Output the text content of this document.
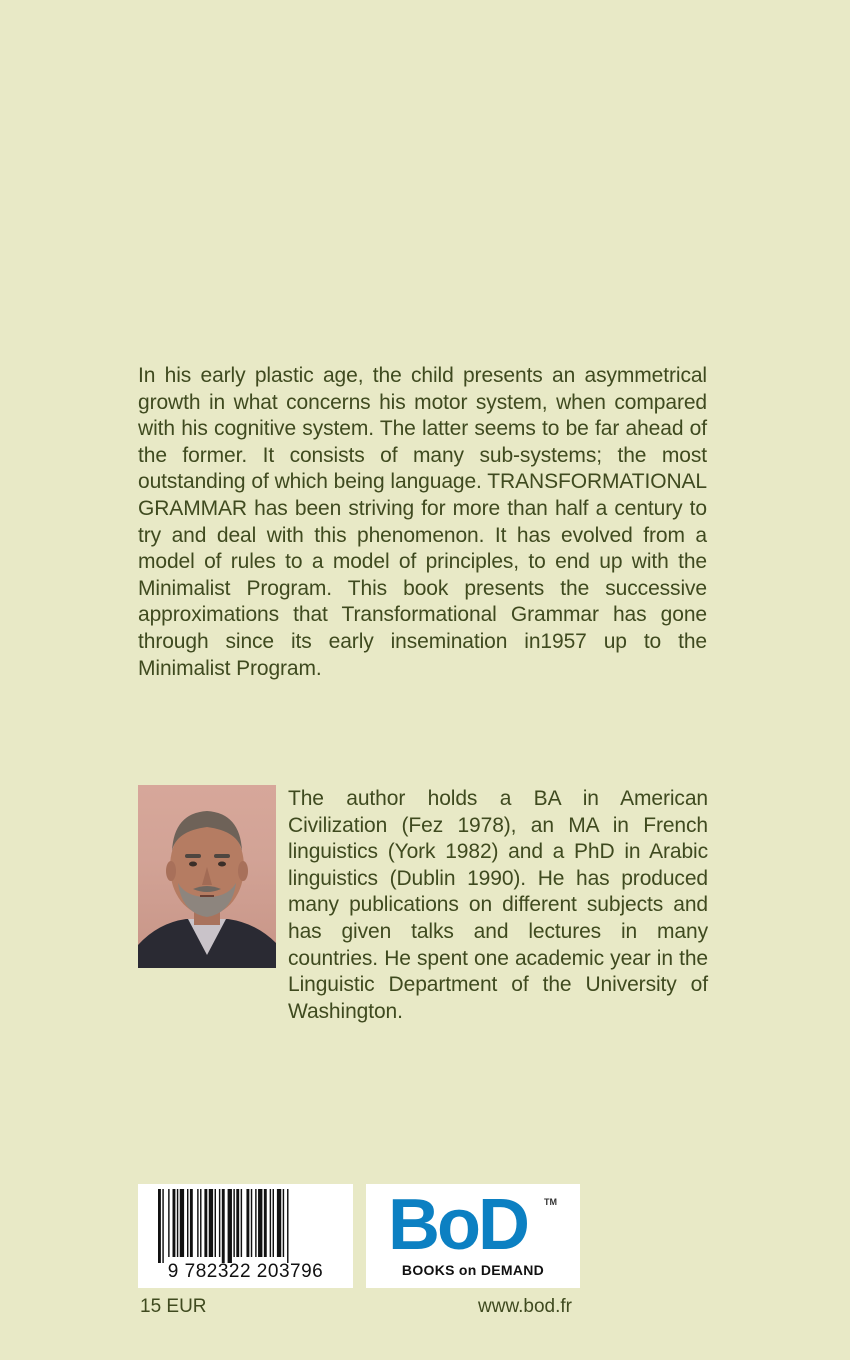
In his early plastic age, the child presents an asymmetrical growth in what concerns his motor system, when compared with his cognitive system. The latter seems to be far ahead of the former. It consists of many sub-systems; the most outstanding of which being language. TRANSFORMATIONAL GRAMMAR has been striving for more than half a century to try and deal with this phenomenon. It has evolved from a model of rules to a model of principles, to end up with the Minimalist Program. This book presents the successive approximations that Transformational Grammar has gone through since its early insemination in1957 up to the Minimalist Program.

The author holds a BA in American Civilization (Fez 1978), an MA in French linguistics (York 1982) and a PhD in Arabic linguistics (Dublin 1990). He has produced many publications on different subjects and has given talks and lectures in many countries. He spent one academic year in the Linguistic Department of the University of Washington.

9 782322 203796
BoD TM
BOOKS on DEMAND
15 EUR	www.bod.fr
